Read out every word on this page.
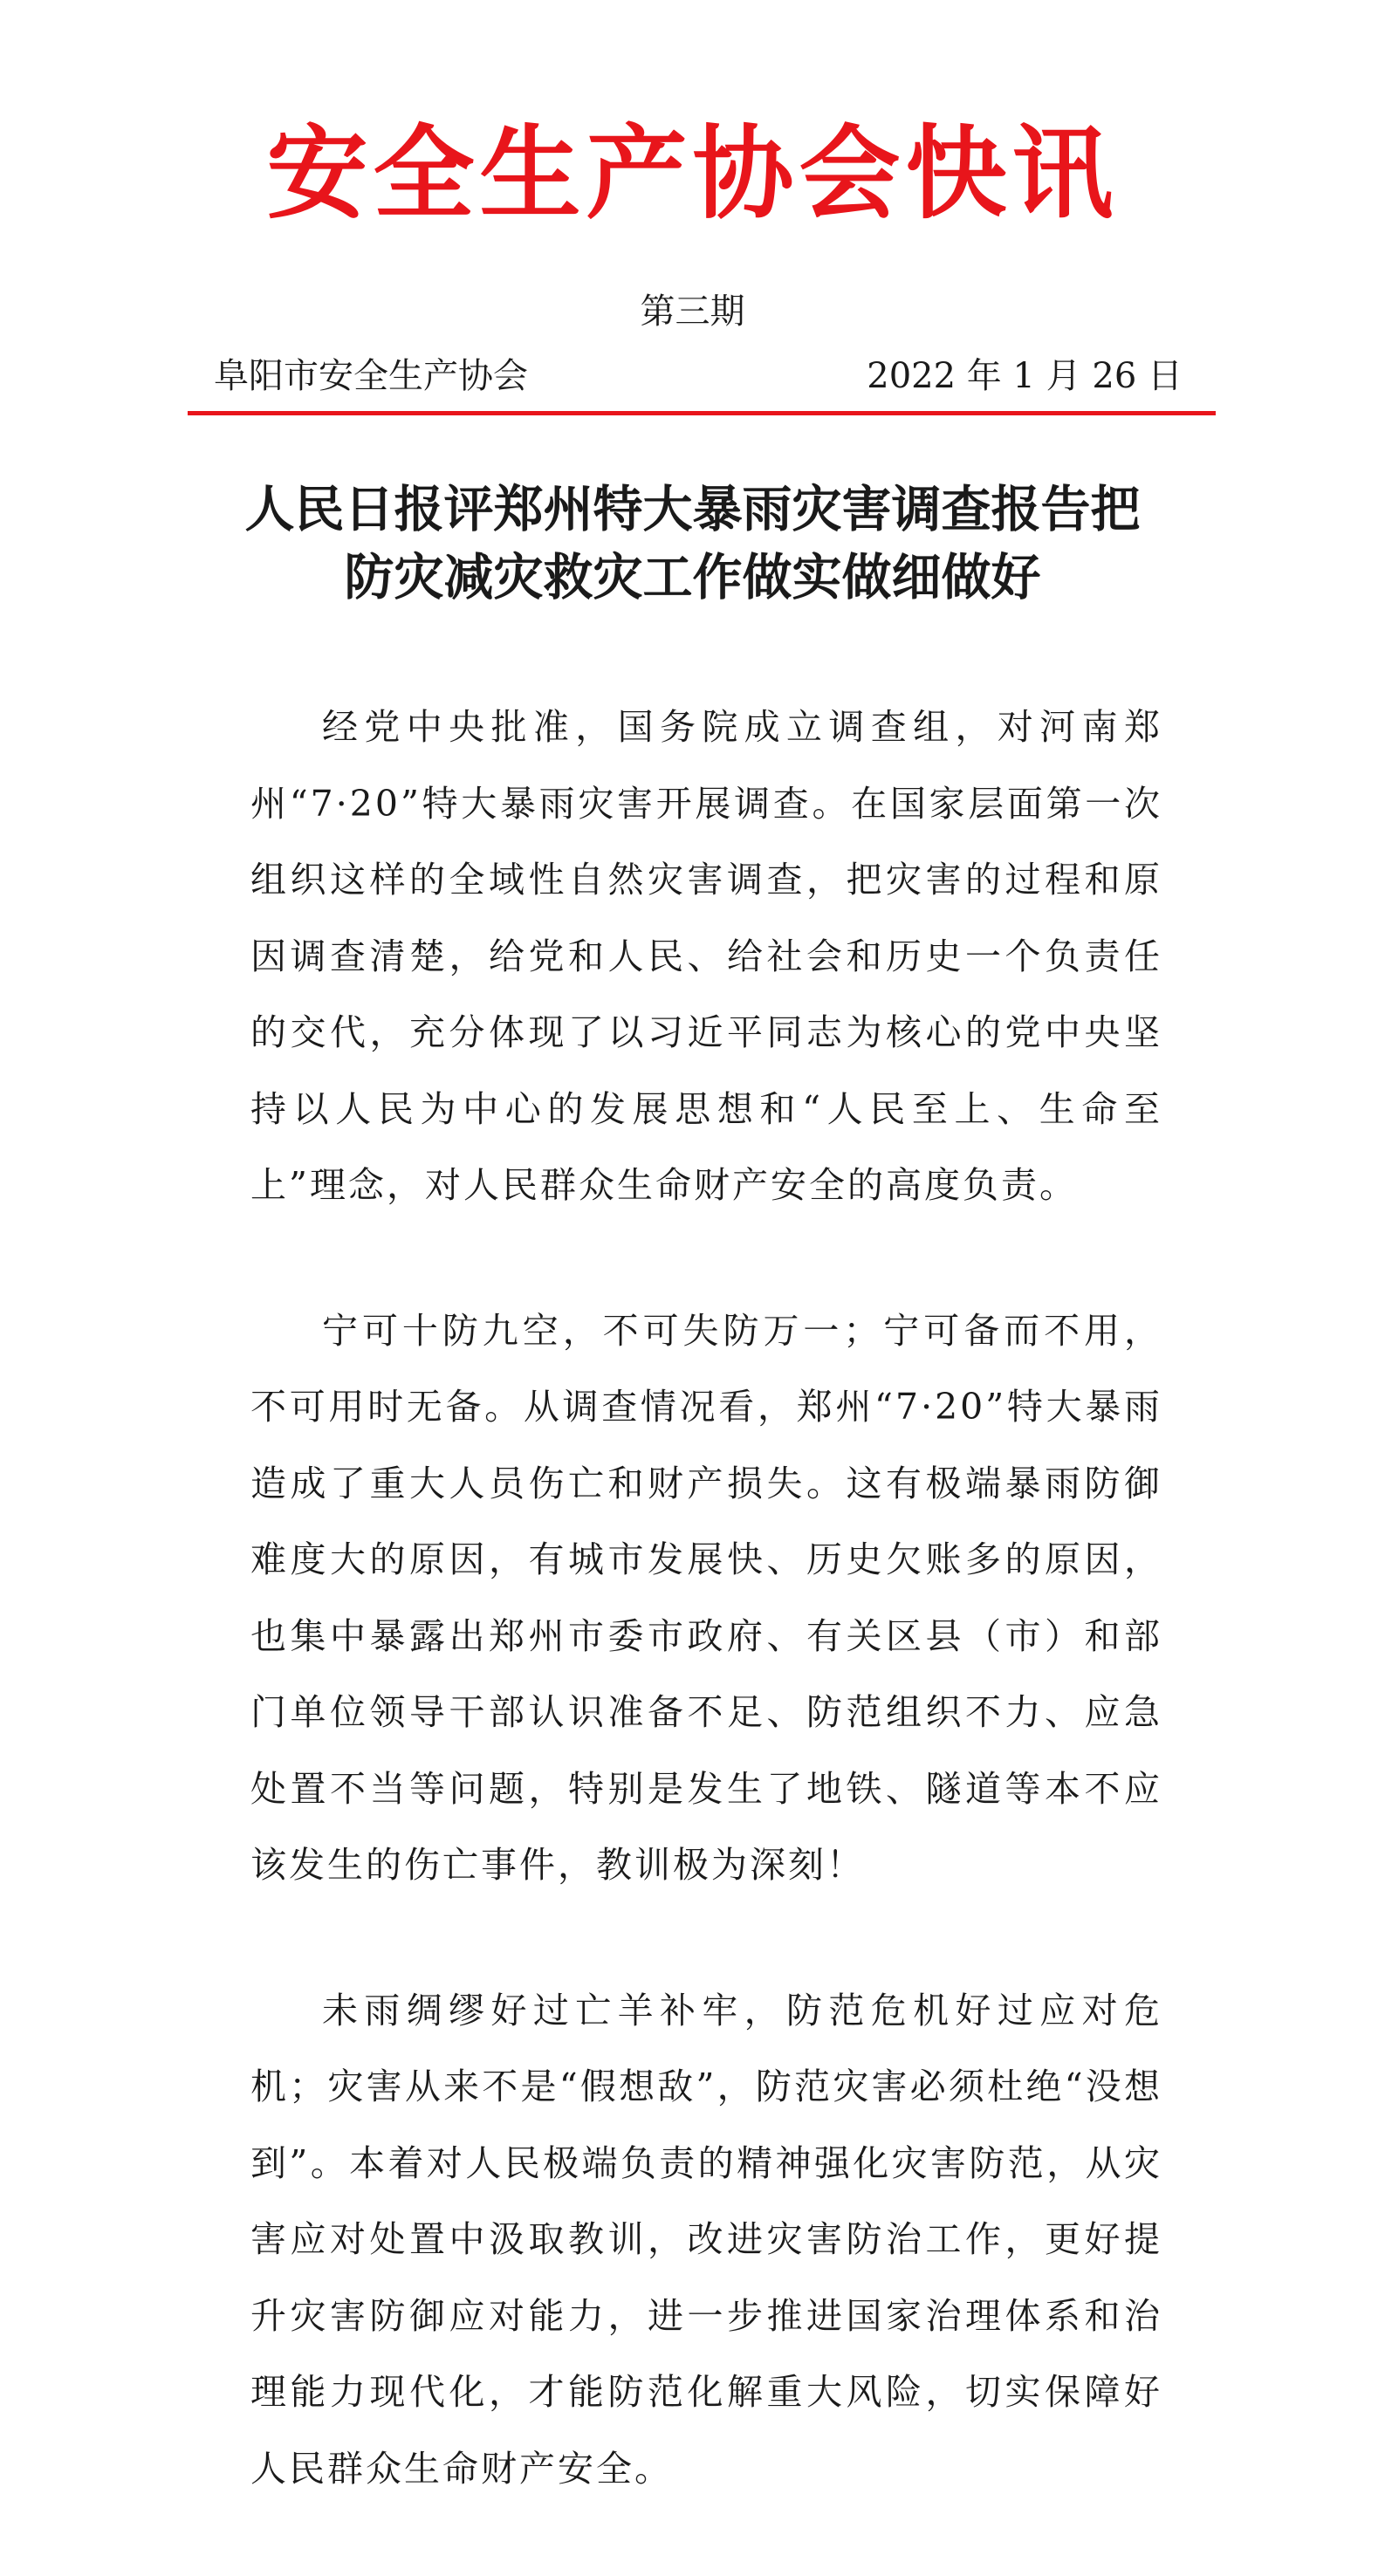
安全生产协会快讯
第三期
阜阳市安全生产协会	2022 年 1 月 26 日
人民日报评郑州特大暴雨灾害调查报告把
防灾减灾救灾工作做实做细做好

经党中央批准，国务院成立调查组，对河南郑州“7·20”特大暴雨灾害开展调查。在国家层面第一次组织这样的全域性自然灾害调查，把灾害的过程和原因调查清楚，给党和人民、给社会和历史一个负责任的交代，充分体现了以习近平同志为核心的党中央坚持以人民为中心的发展思想和“人民至上、生命至上”理念，对人民群众生命财产安全的高度负责。

宁可十防九空，不可失防万一；宁可备而不用，不可用时无备。从调查情况看，郑州“7·20”特大暴雨造成了重大人员伤亡和财产损失。这有极端暴雨防御难度大的原因，有城市发展快、历史欠账多的原因，也集中暴露出郑州市委市政府、有关区县（市）和部门单位领导干部认识准备不足、防范组织不力、应急处置不当等问题，特别是发生了地铁、隧道等本不应该发生的伤亡事件，教训极为深刻！

未雨绸缪好过亡羊补牢，防范危机好过应对危机；灾害从来不是“假想敌”，防范灾害必须杜绝“没想到”。本着对人民极端负责的精神强化灾害防范，从灾害应对处置中汲取教训，改进灾害防治工作，更好提升灾害防御应对能力，进一步推进国家治理体系和治理能力现代化，才能防范化解重大风险，切实保障好人民群众生命财产安全。
